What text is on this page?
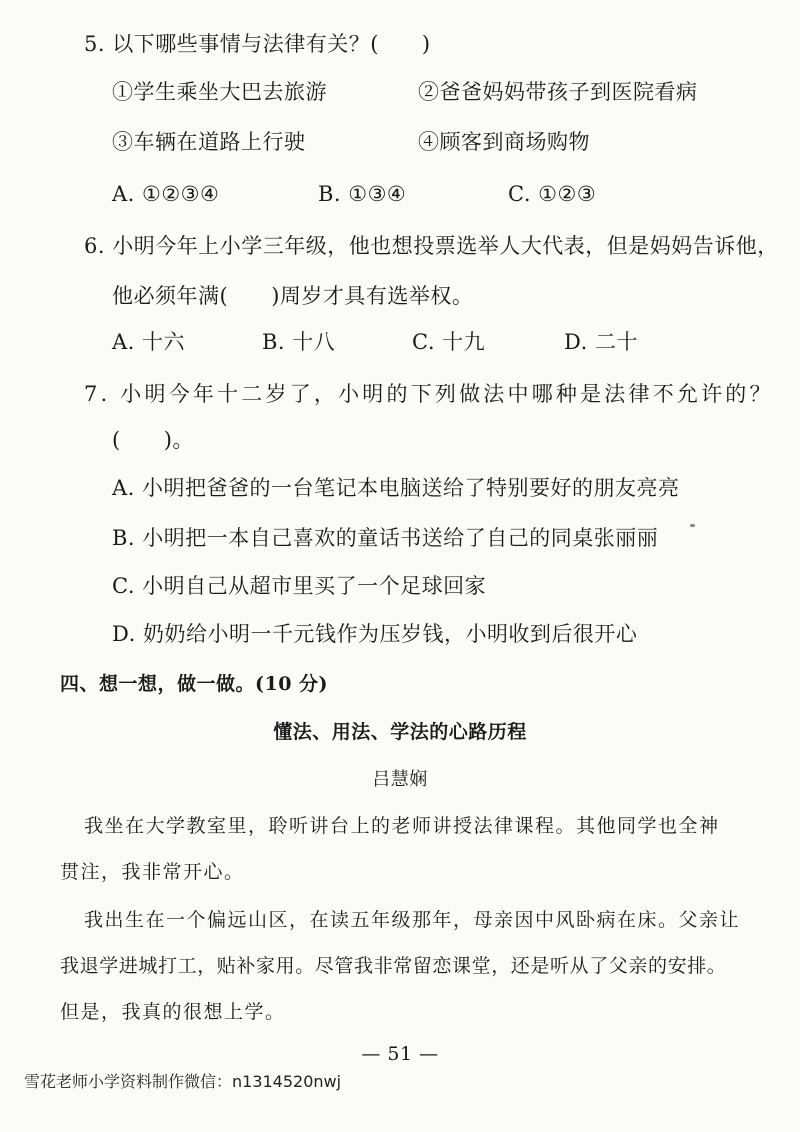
5. 以下哪些事情与法律有关？(　　)
①学生乘坐大巴去旅游	②爸爸妈妈带孩子到医院看病
③车辆在道路上行驶	④顾客到商场购物
A. ①②③④	B. ①③④	C. ①②③
6. 小明今年上小学三年级，他也想投票选举人大代表，但是妈妈告诉他，
他必须年满(　　)周岁才具有选举权。
A. 十六	B. 十八	C. 十九	D. 二十
7. 小明今年十二岁了，小明的下列做法中哪种是法律不允许的？
(　　)。
A. 小明把爸爸的一台笔记本电脑送给了特别要好的朋友亮亮
B. 小明把一本自己喜欢的童话书送给了自己的同桌张丽丽
C. 小明自己从超市里买了一个足球回家
D. 奶奶给小明一千元钱作为压岁钱，小明收到后很开心
四、想一想，做一做。(10 分)
懂法、用法、学法的心路历程
吕慧娴
我坐在大学教室里，聆听讲台上的老师讲授法律课程。其他同学也全神
贯注，我非常开心。
我出生在一个偏远山区，在读五年级那年，母亲因中风卧病在床。父亲让
我退学进城打工，贴补家用。尽管我非常留恋课堂，还是听从了父亲的安排。
但是，我真的很想上学。
— 51 —
雪花老师小学资料制作微信：n1314520nwj
